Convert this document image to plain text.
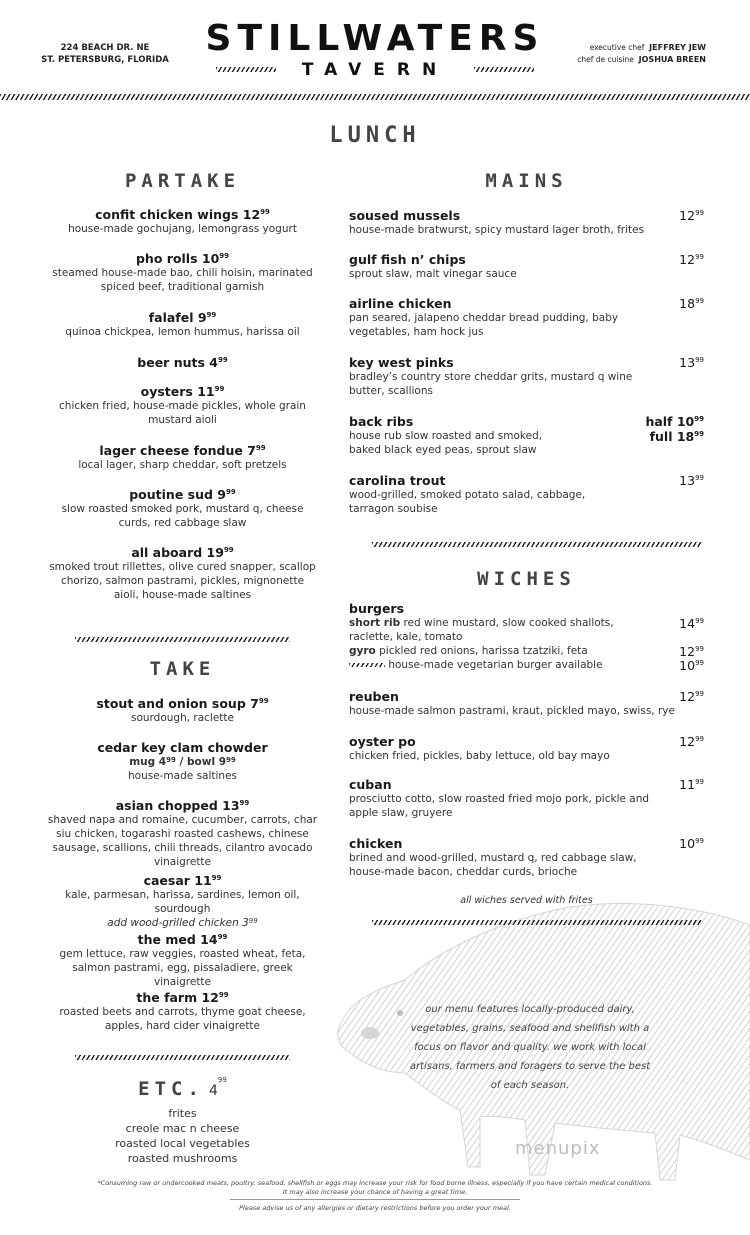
224 BEACH DR. NE
ST. PETERSBURG, FLORIDA
STILLWATERS
TAVERN
executive chef JEFFREY JEW
chef de cuisine JOSHUA BREEN
LUNCH
PARTAKE
confit chicken wings $12^{99}$
house-made gochujang, lemongrass yogurt
pho rolls $10^{99}$
steamed house-made bao, chili hoisin, marinated spiced beef, traditional garnish
falafel $9^{99}$
quinoa chickpea, lemon hummus, harissa oil
beer nuts $4^{99}$
oysters $11^{99}$
chicken fried, house-made pickles, whole grain mustard aioli
lager cheese fondue $7^{99}$
local lager, sharp cheddar, soft pretzels
poutine sud $9^{99}$
slow roasted smoked pork, mustard q, cheese curds, red cabbage slaw
all aboard $19^{99}$
smoked trout rillettes, olive cured snapper, scallop chorizo, salmon pastrami, pickles, mignonette aioli, house-made saltines
TAKE
stout and onion soup $7^{99}$
sourdough, raclette
cedar key clam chowder
mug $4^{99}$ / bowl $9^{99}$
house-made saltines
asian chopped $13^{99}$
shaved napa and romaine, cucumber, carrots, char siu chicken, togarashi roasted cashews, chinese sausage, scallions, chili threads, cilantro avocado vinaigrette
caesar $11^{99}$
kale, parmesan, harissa, sardines, lemon oil, sourdough
add wood-grilled chicken $3^{99}$
the med $14^{99}$
gem lettuce, raw veggies, roasted wheat, feta, salmon pastrami, egg, pissaladiere, greek vinaigrette
the farm $12^{99}$
roasted beets and carrots, thyme goat cheese, apples, hard cider vinaigrette
ETC. $4^{99}$
frites
creole mac n cheese
roasted local vegetables
roasted mushrooms
MAINS
soused mussels
house-made bratwurst, spicy mustard lager broth, frites
$12^{99}$
gulf fish n’ chips
sprout slaw, malt vinegar sauce
$12^{99}$
airline chicken
pan seared, jalapeno cheddar bread pudding, baby vegetables, ham hock jus
$18^{99}$
key west pinks
bradley’s country store cheddar grits, mustard q wine butter, scallions
$13^{99}$
back ribs
house rub slow roasted and smoked, baked black eyed peas, sprout slaw
half $10^{99}$
full $18^{99}$
carolina trout
wood-grilled, smoked potato salad, cabbage, tarragon soubise
$13^{99}$
WICHES
burgers
short rib red wine mustard, slow cooked shallots, raclette, kale, tomato
$14^{99}$
gyro pickled red onions, harissa tzatziki, feta	$12^{99}$
house-made vegetarian burger available	$10^{99}$
reuben
house-made salmon pastrami, kraut, pickled mayo, swiss, rye
$12^{99}$
oyster po
chicken fried, pickles, baby lettuce, old bay mayo
$12^{99}$
cuban
prosciutto cotto, slow roasted fried mojo pork, pickle and apple slaw, gruyere
$11^{99}$
chicken
brined and wood-grilled, mustard q, red cabbage slaw, house-made bacon, cheddar curds, brioche
$10^{99}$
all wiches served with frites
our menu features locally-produced dairy, vegetables, grains, seafood and shellfish with a focus on flavor and quality. we work with local artisans, farmers and foragers to serve the best of each season.
menupix
*Consuming raw or undercooked meats, poultry, seafood, shellfish or eggs may increase your risk for food borne illness, especially if you have certain medical conditions.
It may also increase your chance of having a great time.
Please advise us of any allergies or dietary restrictions before you order your meal.
